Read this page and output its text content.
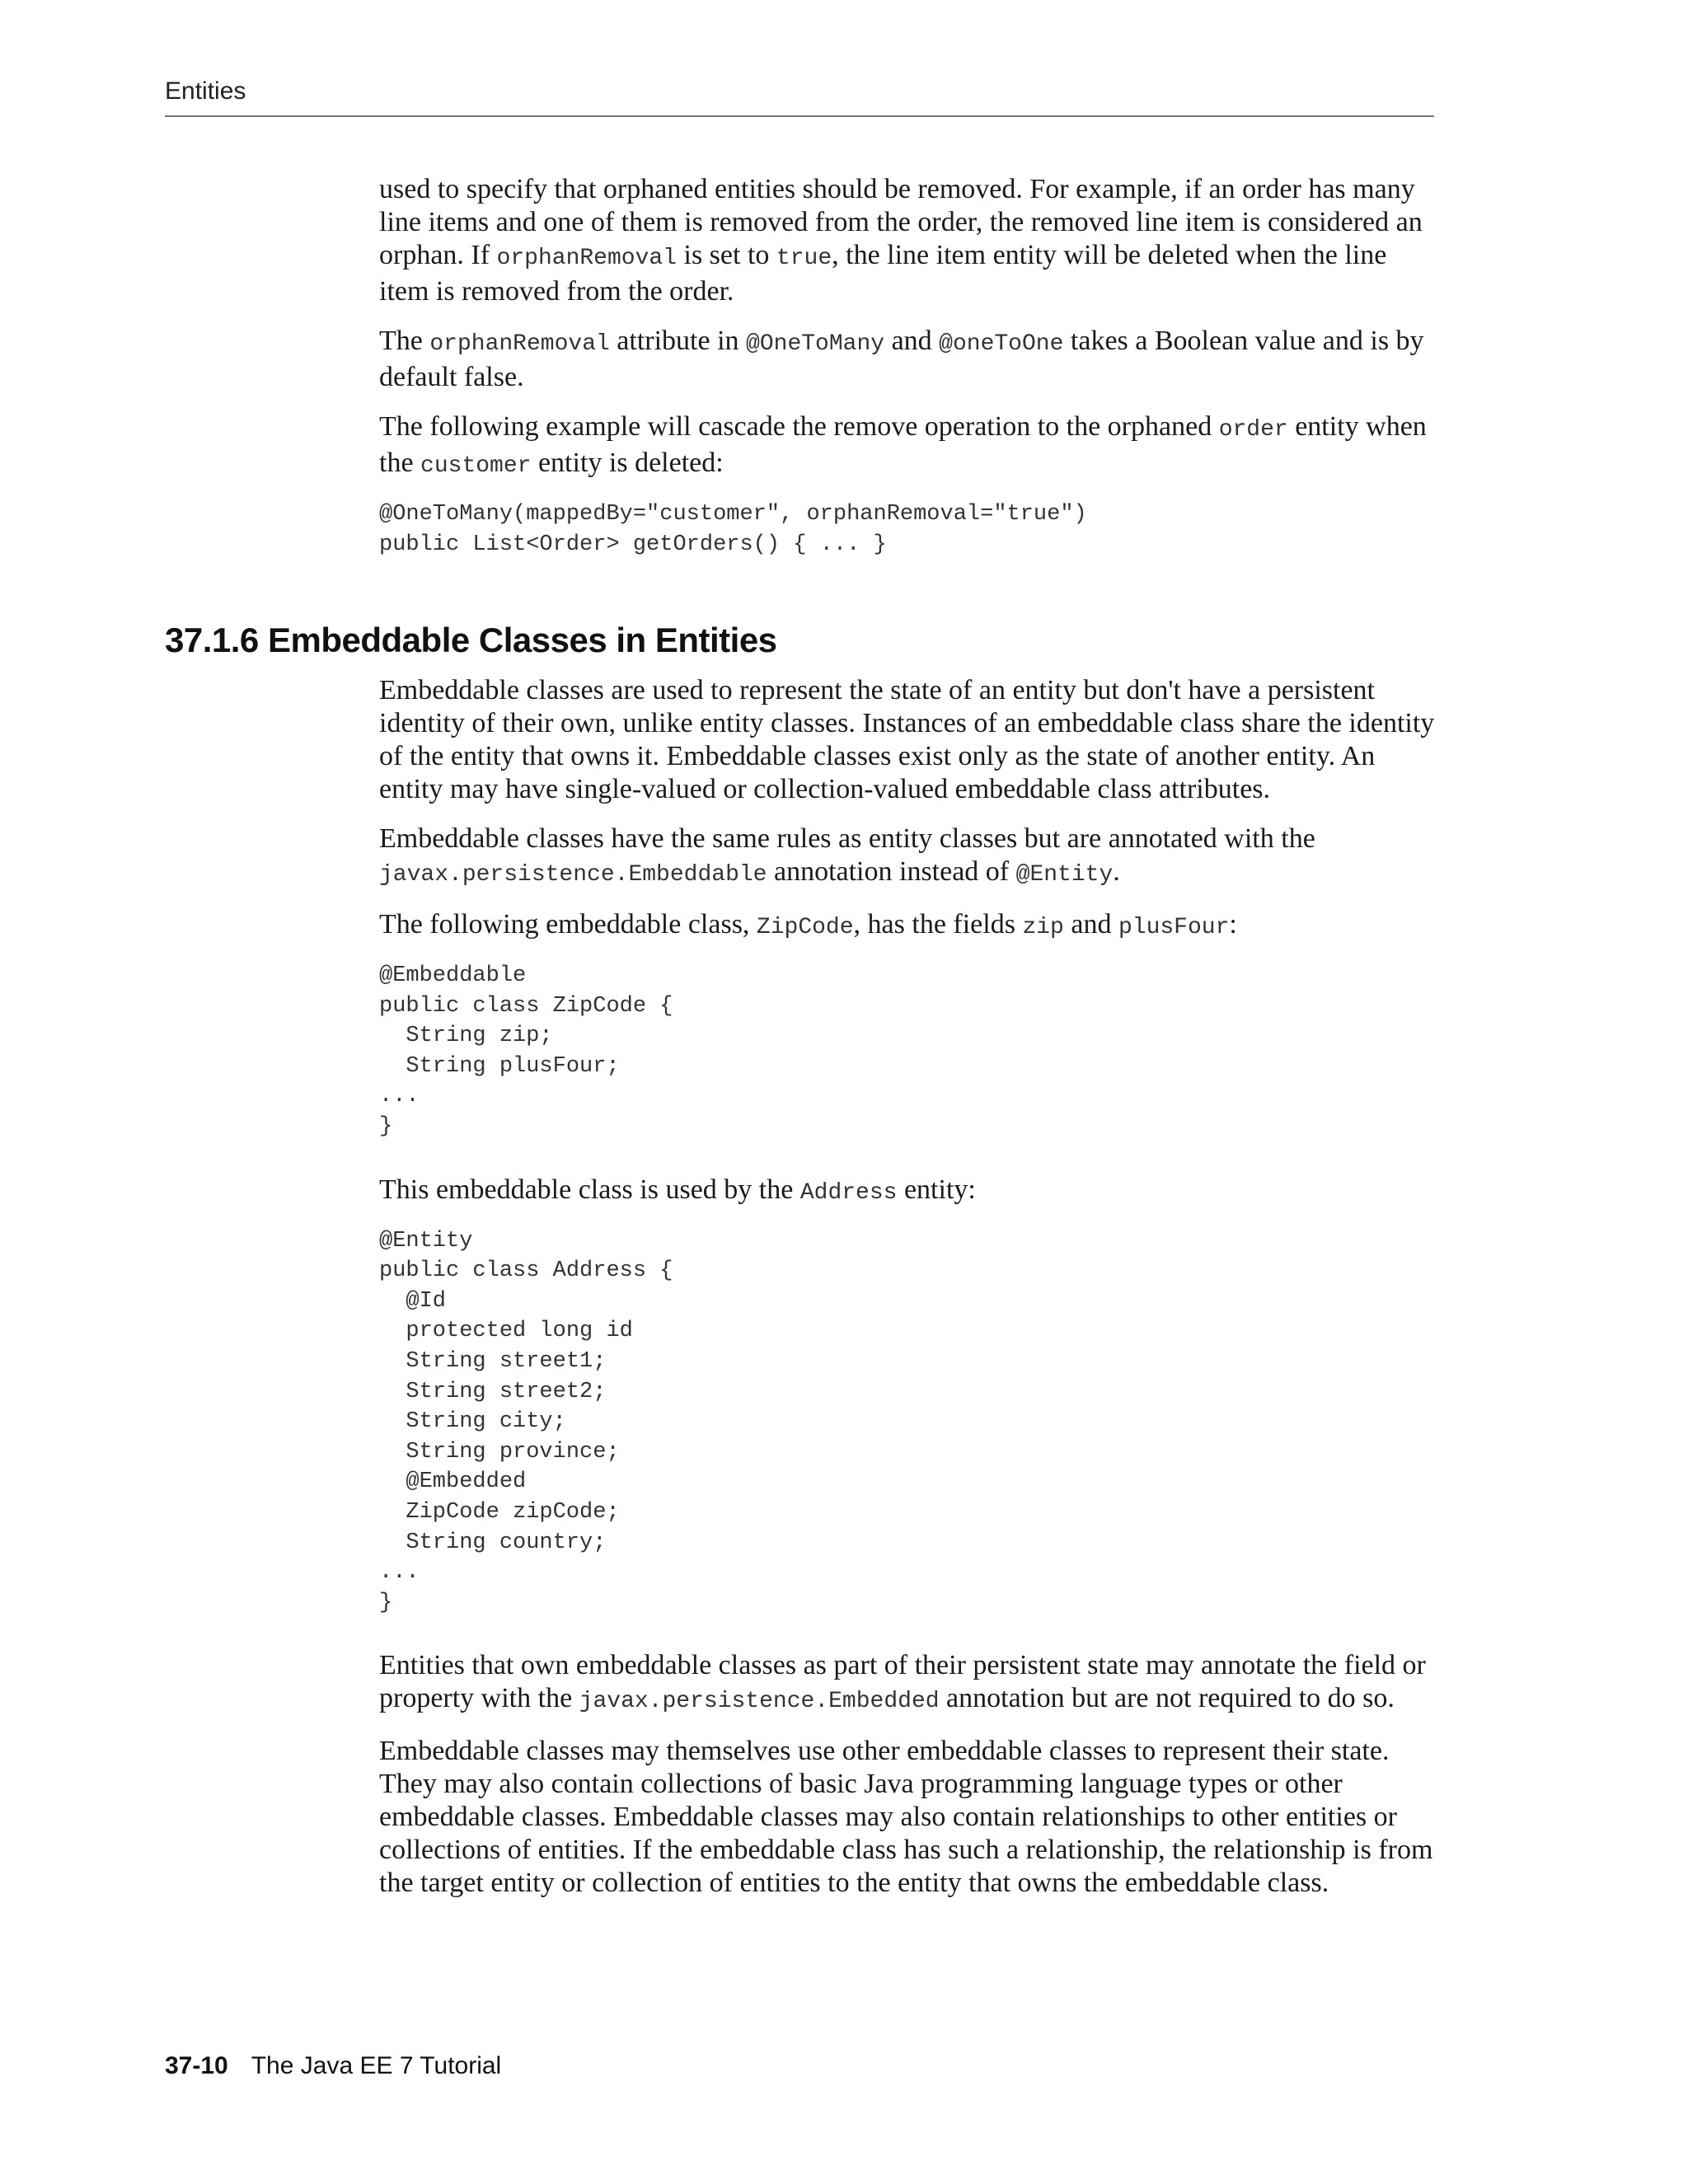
Entities

used to specify that orphaned entities should be removed. For example, if an order has many line items and one of them is removed from the order, the removed line item is considered an orphan. If orphanRemoval is set to true, the line item entity will be deleted when the line item is removed from the order.

The orphanRemoval attribute in @OneToMany and @oneToOne takes a Boolean value and is by default false.

The following example will cascade the remove operation to the orphaned order entity when the customer entity is deleted:

@OneToMany(mappedBy="customer", orphanRemoval="true")
public List<Order> getOrders() { ... }
37.1.6 Embeddable Classes in Entities

Embeddable classes are used to represent the state of an entity but don't have a persistent identity of their own, unlike entity classes. Instances of an embeddable class share the identity of the entity that owns it. Embeddable classes exist only as the state of another entity. An entity may have single-valued or collection-valued embeddable class attributes.

Embeddable classes have the same rules as entity classes but are annotated with the javax.persistence.Embeddable annotation instead of @Entity.

The following embeddable class, ZipCode, has the fields zip and plusFour:

@Embeddable
public class ZipCode {
String zip;
String plusFour;
...
}

This embeddable class is used by the Address entity:

@Entity
public class Address {
@Id
protected long id
String street1;
String street2;
String city;
String province;
@Embedded
ZipCode zipCode;
String country;
...
}

Entities that own embeddable classes as part of their persistent state may annotate the field or property with the javax.persistence.Embedded annotation but are not required to do so.

Embeddable classes may themselves use other embeddable classes to represent their state. They may also contain collections of basic Java programming language types or other embeddable classes. Embeddable classes may also contain relationships to other entities or collections of entities. If the embeddable class has such a relationship, the relationship is from the target entity or collection of entities to the entity that owns the embeddable class.

37-10 The Java EE 7 Tutorial
